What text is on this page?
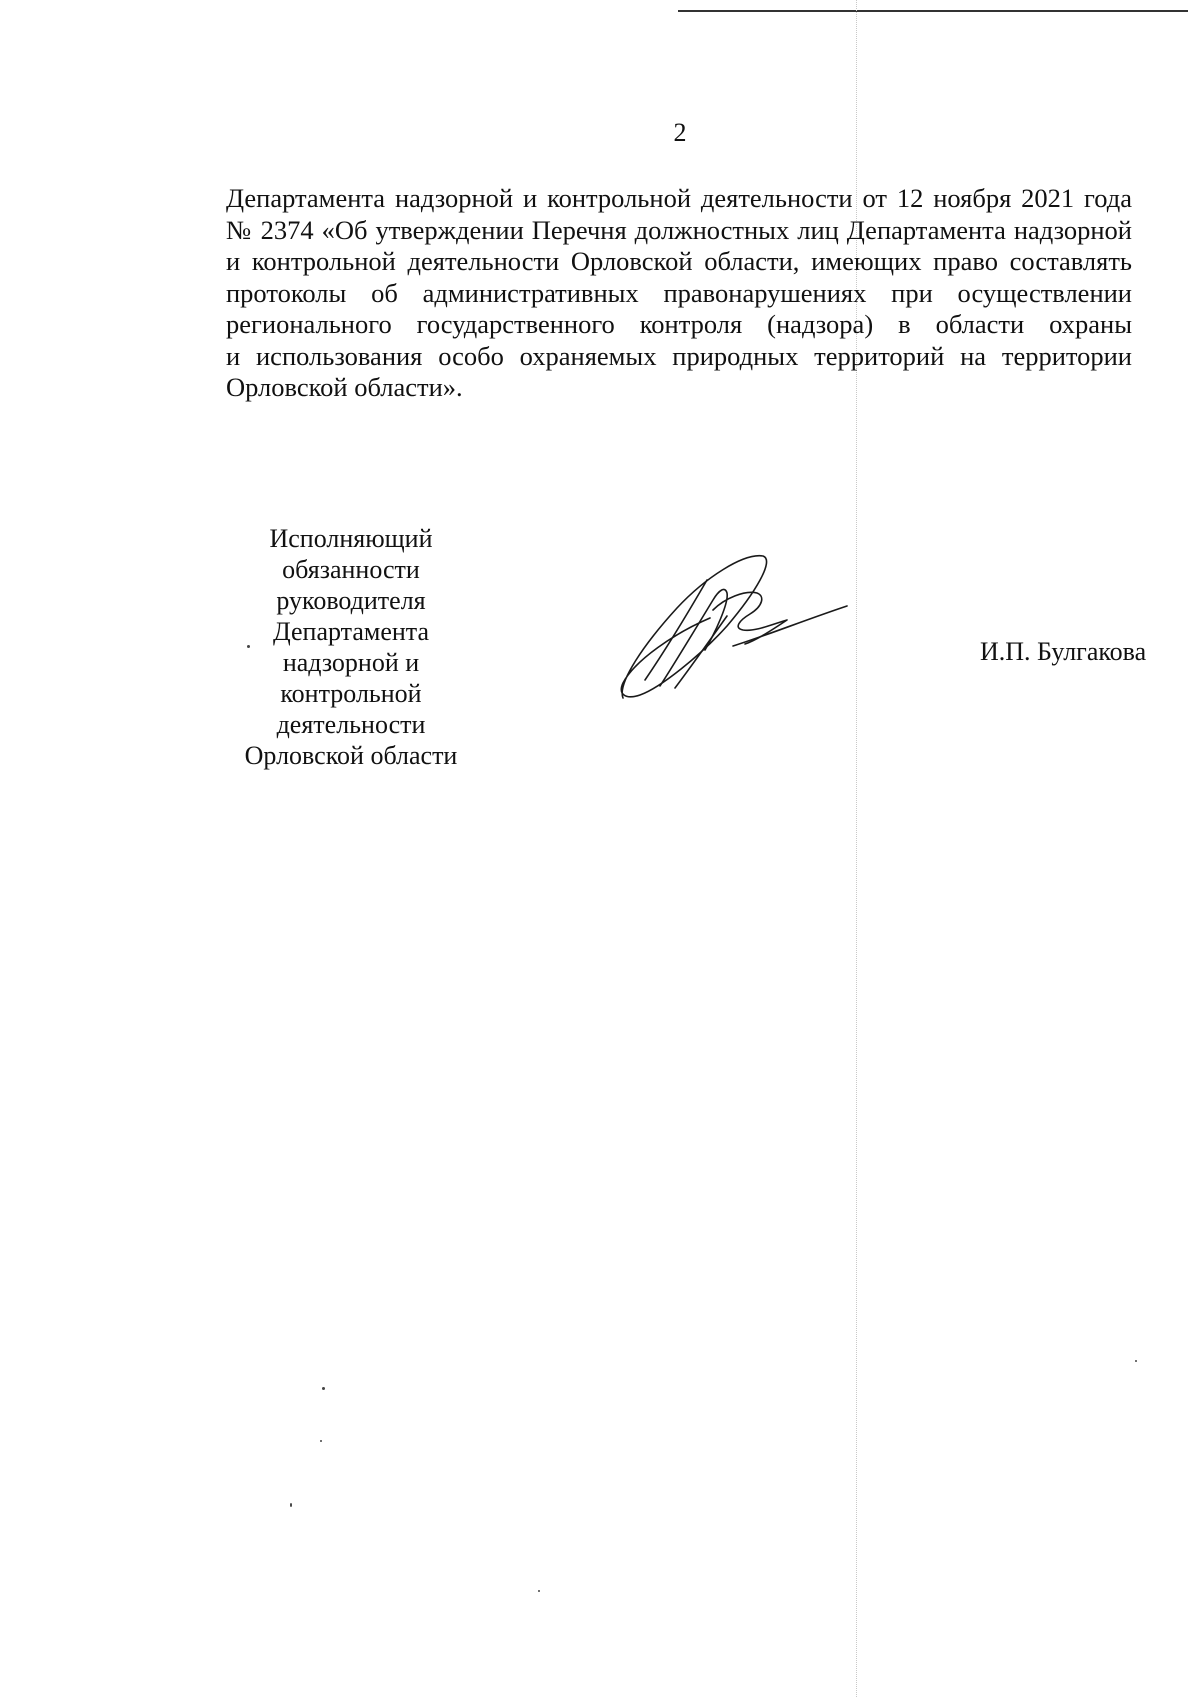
2
Департамента надзорной и контрольной деятельности от 12 ноября 2021 года
№ 2374 «Об утверждении Перечня должностных лиц Департамента надзорной
и контрольной деятельности Орловской области, имеющих право составлять
протоколы об административных правонарушениях при осуществлении
регионального государственного контроля (надзора) в области охраны
и использования особо охраняемых природных территорий на территории
Орловской области».
Исполняющий
обязанности
руководителя
Департамента
надзорной и
контрольной
деятельности
Орловской области
И.П. Булгакова
